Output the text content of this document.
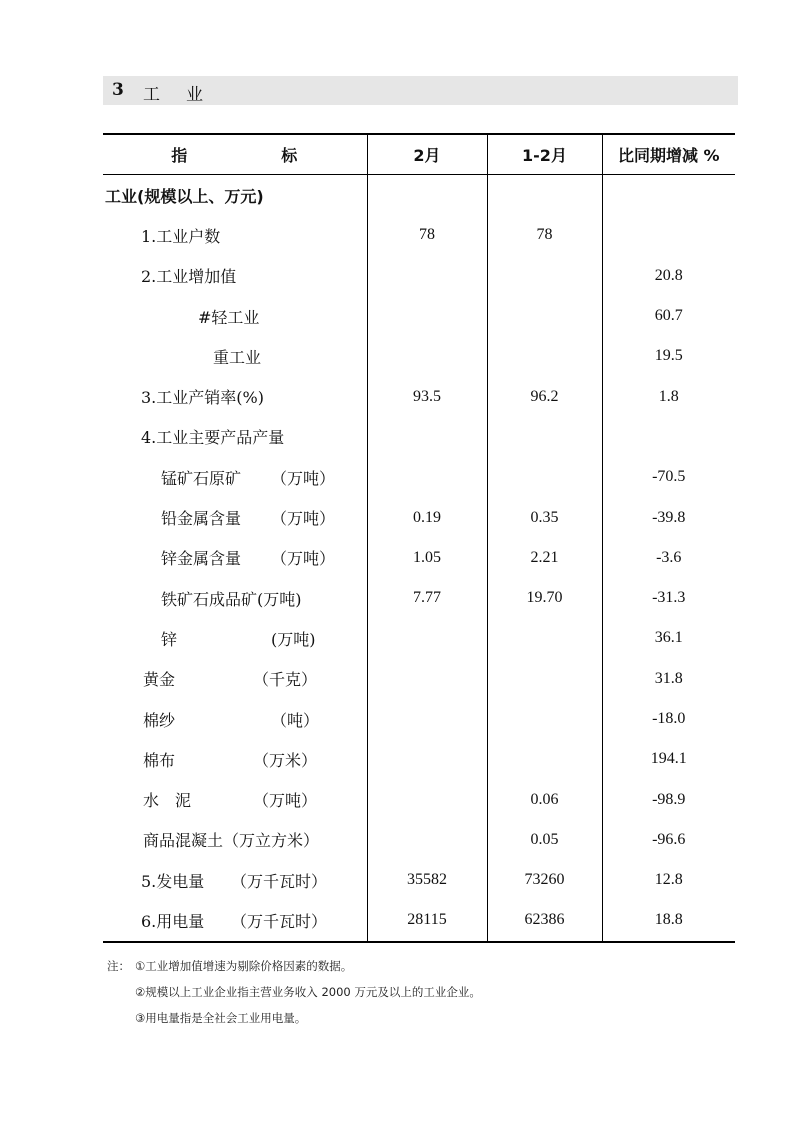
3 工业
指 标	2月	1-2月	比同期增减 %
工业(规模以上、万元)			
1.工业户数	78	78	
2.工业增加值			20.8
#轻工业			60.7
重工业			19.5
3.工业产销率(%)	93.5	96.2	1.8
4.工业主要产品产量			
锰矿石原矿 （万吨）			-70.5
铅金属含量 （万吨）	0.19	0.35	-39.8
锌金属含量 （万吨）	1.05	2.21	-3.6
铁矿石成品矿(万吨)	7.77	19.70	-31.3
锌 (万吨)			36.1
黄金 （千克）			31.8
棉纱 （吨）			-18.0
棉布 （万米）			194.1
水　泥 （万吨）		0.06	-98.9
商品混凝土（万立方米）		0.05	-96.6
5.发电量 （万千瓦时）	35582	73260	12.8
6.用电量 （万千瓦时）	28115	62386	18.8
注： ①工业增加值增速为剔除价格因素的数据。
②规模以上工业企业指主营业务收入 2000 万元及以上的工业企业。
③用电量指是全社会工业用电量。
